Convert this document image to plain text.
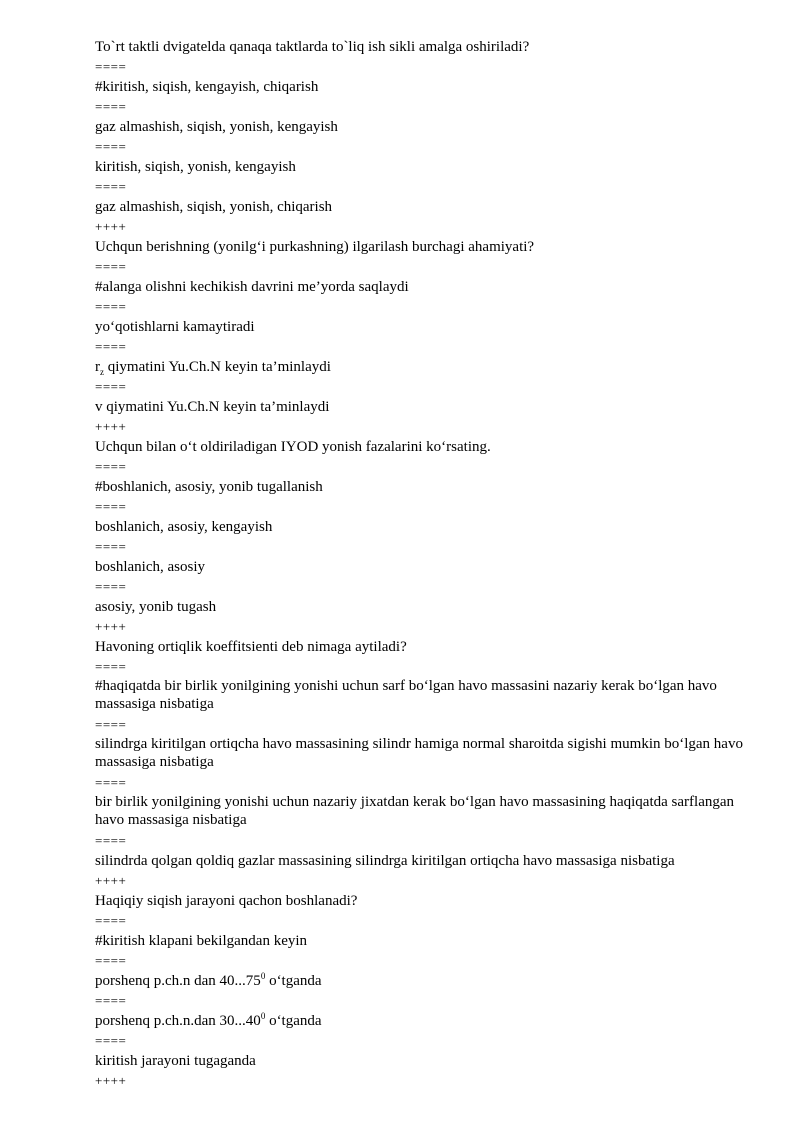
To`rt taktli dvigatelda qanaqa taktlarda to`liq ish sikli amalga oshiriladi?
====
#kiritish, siqish, kengayish, chiqarish
====
gaz almashish, siqish, yonish, kengayish
====
kiritish, siqish, yonish, kengayish
====
gaz almashish, siqish, yonish, chiqarish
++++
Uchqun berishning (yonilg‘i purkashning) ilgarilash burchagi ahamiyati?
====
#alanga olishni kechikish davrini me’yorda saqlaydi
====
yo‘qotishlarni kamaytiradi
====
$r_z$ qiymatini Yu.Ch.N keyin ta’minlaydi
====
v qiymatini Yu.Ch.N keyin ta’minlaydi
++++
Uchqun bilan o‘t oldiriladigan IYOD yonish fazalarini ko‘rsating.
====
#boshlanich, asosiy, yonib tugallanish
====
boshlanich, asosiy, kengayish
====
boshlanich, asosiy
====
asosiy, yonib tugash
++++
Havoning ortiqlik koeffitsienti deb nimaga aytiladi?
====
#haqiqatda bir birlik yonilgining yonishi uchun sarf bo‘lgan havo massasini nazariy kerak bo‘lgan havo massasiga nisbatiga
====
silindrga kiritilgan ortiqcha havo massasining silindr hamiga normal sharoitda sigishi mumkin bo‘lgan havo massasiga nisbatiga
====
bir birlik yonilgining yonishi uchun nazariy jixatdan kerak bo‘lgan havo massasining haqiqatda sarflangan havo massasiga nisbatiga
====
silindrda qolgan qoldiq gazlar massasining silindrga kiritilgan ortiqcha havo massasiga nisbatiga
++++
Haqiqiy siqish jarayoni qachon boshlanadi?
====
#kiritish klapani bekilgandan keyin
====
porshenq p.ch.n dan 40...75$^0$ o‘tganda
====
porshenq p.ch.n.dan 30...40$^0$ o‘tganda
====
kiritish jarayoni tugaganda
++++
